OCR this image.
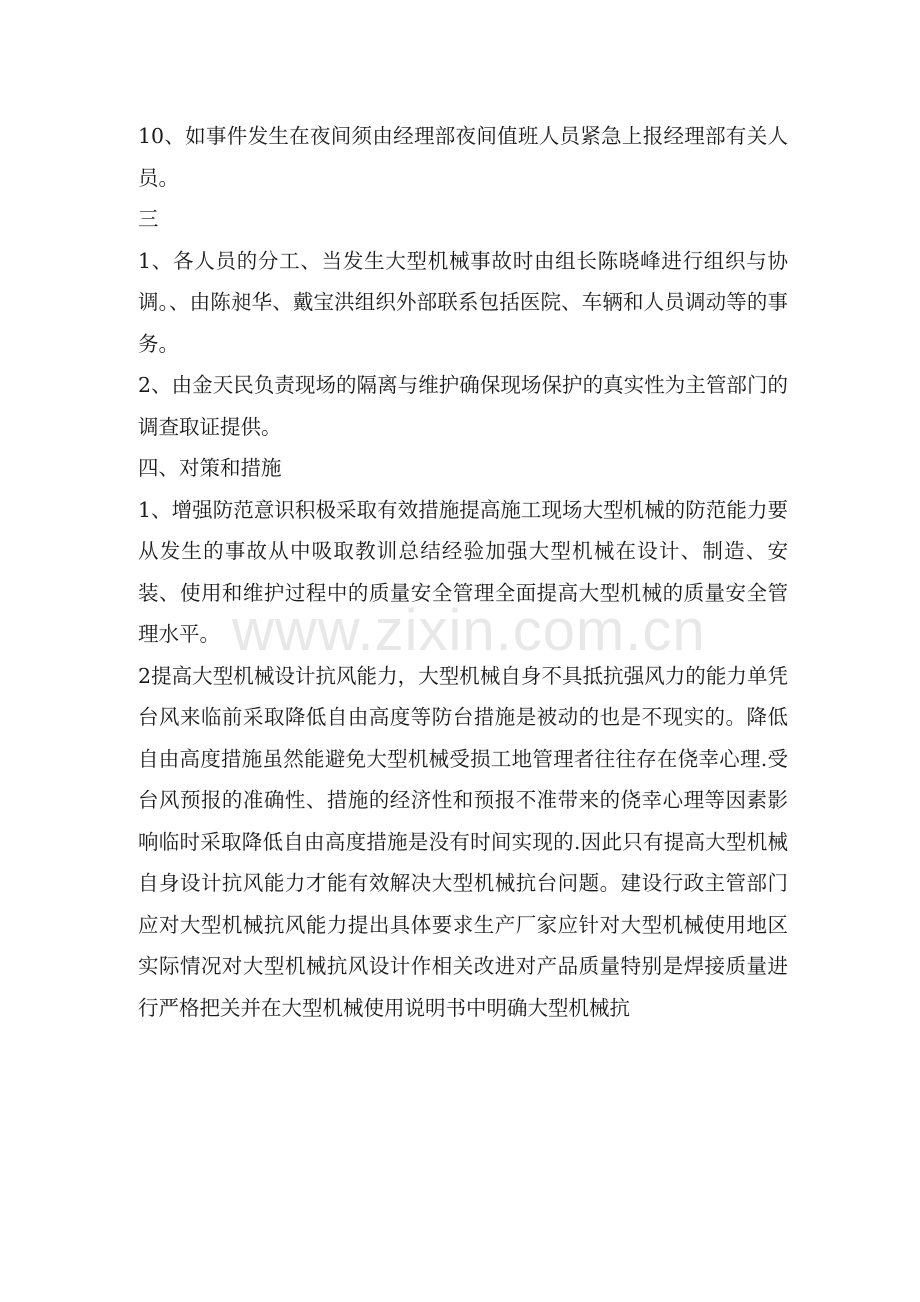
10、如事件发生在夜间须由经理部夜间值班人员紧急上报经理部有关人员。

三

1、各人员的分工、当发生大型机械事故时由组长陈晓峰进行组织与协调。、由陈昶华、戴宝洪组织外部联系包括医院、车辆和人员调动等的事务。

2、由金天民负责现场的隔离与维护确保现场保护的真实性为主管部门的调查取证提供。

四、对策和措施

1、增强防范意识积极采取有效措施提高施工现场大型机械的防范能力要从发生的事故从中吸取教训总结经验加强大型机械在设计、制造、安装、使用和维护过程中的质量安全管理全面提高大型机械的质量安全管理水平。

2提高大型机械设计抗风能力，大型机械自身不具抵抗强风力的能力单凭台风来临前采取降低自由高度等防台措施是被动的也是不现实的。降低自由高度措施虽然能避免大型机械受损工地管理者往往存在侥幸心理.受台风预报的准确性、措施的经济性和预报不准带来的侥幸心理等因素影响临时采取降低自由高度措施是没有时间实现的.因此只有提高大型机械自身设计抗风能力才能有效解决大型机械抗台问题。建设行政主管部门应对大型机械抗风能力提出具体要求生产厂家应针对大型机械使用地区实际情况对大型机械抗风设计作相关改进对产品质量特别是焊接质量进行严格把关并在大型机械使用说明书中明确大型机械抗

www.zixin.com.cn
